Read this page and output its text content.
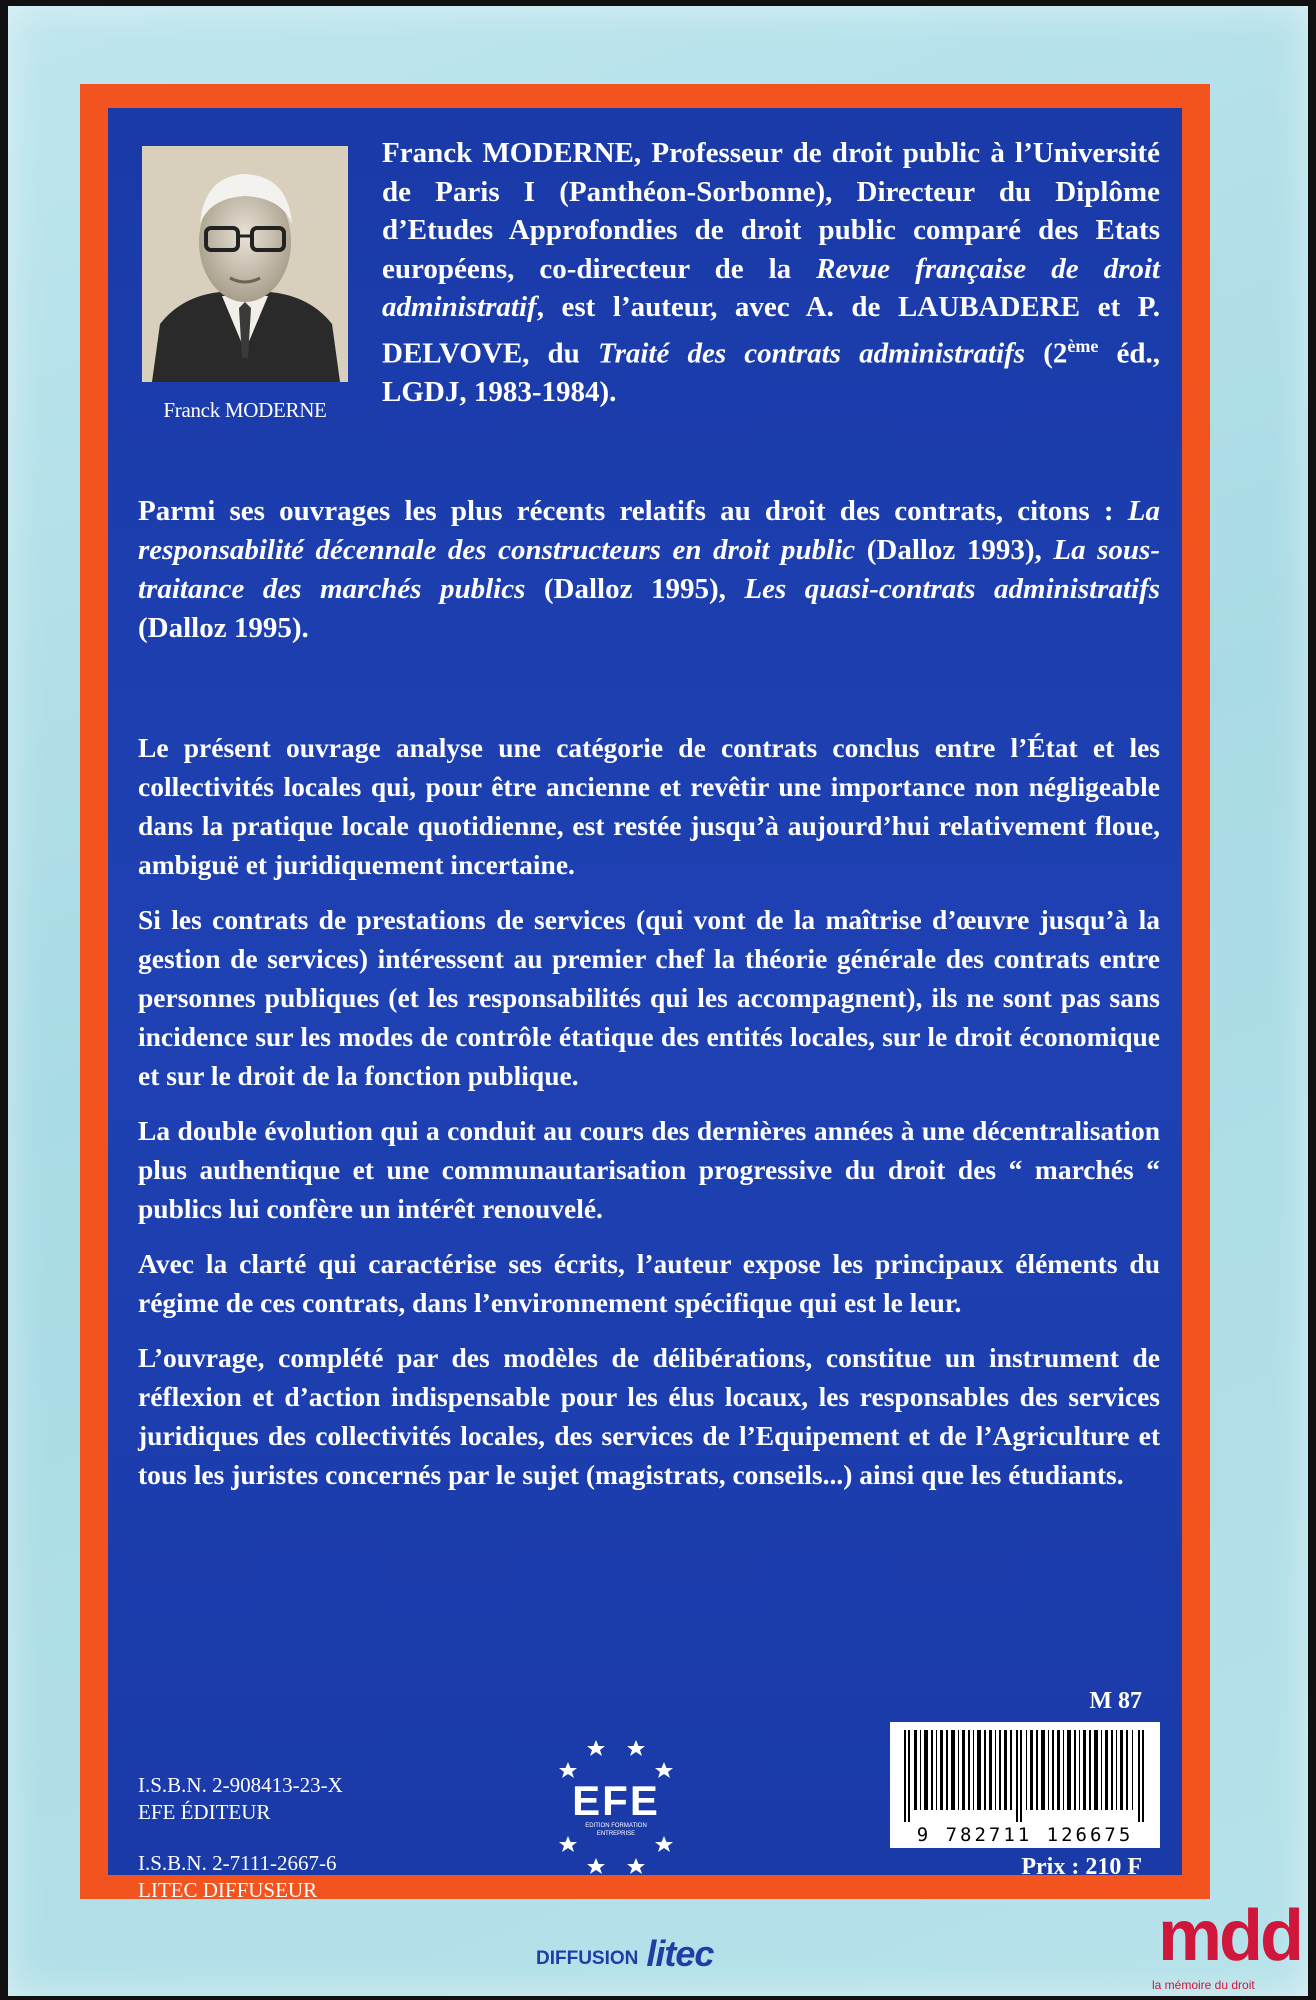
Franck MODERNE

Franck MODERNE, Professeur de droit public à l’Université de Paris I (Panthéon-Sorbonne), Directeur du Diplôme d’Etudes Approfondies de droit public comparé des Etats européens, co-directeur de la Revue française de droit administratif, est l’auteur, avec A. de LAUBADERE et P. DELVOVE, du Traité des contrats administratifs (2ème éd., LGDJ, 1983-1984).

Parmi ses ouvrages les plus récents relatifs au droit des contrats, citons : La responsabilité décennale des constructeurs en droit public (Dalloz 1993), La sous-traitance des marchés publics (Dalloz 1995), Les quasi-contrats administratifs (Dalloz 1995).

Le présent ouvrage analyse une catégorie de contrats conclus entre l’État et les collectivités locales qui, pour être ancienne et revêtir une importance non négligeable dans la pratique locale quotidienne, est restée jusqu’à aujourd’hui relativement floue, ambiguë et juridiquement incertaine.

Si les contrats de prestations de services (qui vont de la maîtrise d’œuvre jusqu’à la gestion de services) intéressent au premier chef la théorie générale des contrats entre personnes publiques (et les responsabilités qui les accompagnent), ils ne sont pas sans incidence sur les modes de contrôle étatique des entités locales, sur le droit économique et sur le droit de la fonction publique.

La double évolution qui a conduit au cours des dernières années à une décentralisation plus authentique et une communautarisation progressive du droit des “ marchés “ publics lui confère un intérêt renouvelé.

Avec la clarté qui caractérise ses écrits, l’auteur expose les principaux éléments du régime de ces contrats, dans l’environnement spécifique qui est le leur.

L’ouvrage, complété par des modèles de délibérations, constitue un instrument de réflexion et d’action indispensable pour les élus locaux, les responsables des services juridiques des collectivités locales, des services de l’Equipement et de l’Agriculture et tous les juristes concernés par le sujet (magistrats, conseils...) ainsi que les étudiants.

M 87
I.S.B.N. 2-908413-23-X
EFE ÉDITEUR
I.S.B.N. 2-7111-2667-6
LITEC DIFFUSEUR
EFE
EDITION FORMATION ENTREPRISE	9 782711 126675
Prix : 210 F
DIFFUSION litec	mdd
la mémoire du droit
